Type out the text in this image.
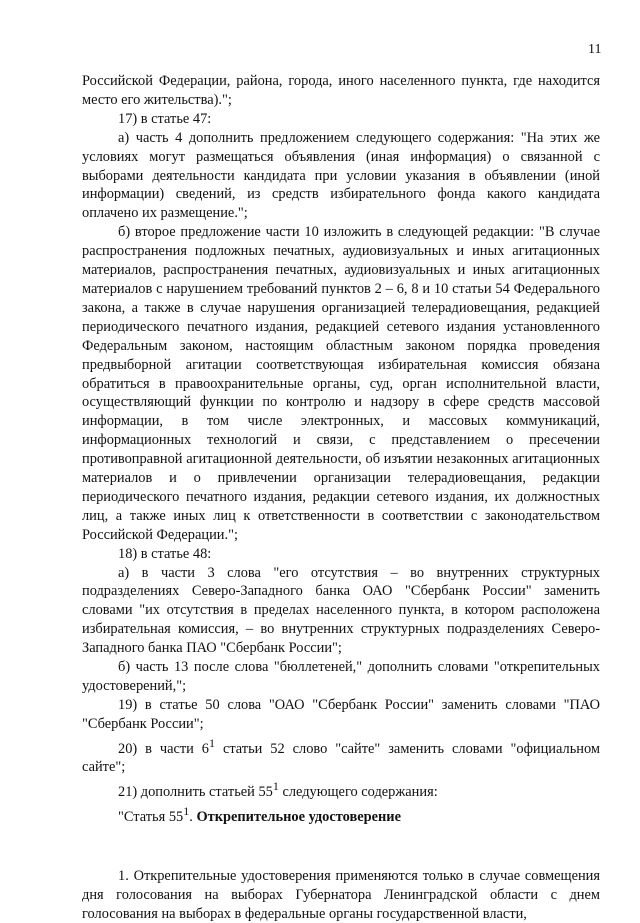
11

Российской Федерации, района, города, иного населенного пункта, где находится место его жительства).";

17) в статье 47:

а) часть 4 дополнить предложением следующего содержания: "На этих же условиях могут размещаться объявления (иная информация) о связанной с выборами деятельности кандидата при условии указания в объявлении (иной информации) сведений, из средств избирательного фонда какого кандидата оплачено их размещение.";

б) второе предложение части 10 изложить в следующей редакции: "В случае распространения подложных печатных, аудиовизуальных и иных агитационных материалов, распространения печатных, аудиовизуальных и иных агитационных материалов с нарушением требований пунктов 2 – 6, 8 и 10 статьи 54 Федерального закона, а также в случае нарушения организацией телерадиовещания, редакцией периодического печатного издания, редакцией сетевого издания установленного Федеральным законом, настоящим областным законом порядка проведения предвыборной агитации соответствующая избирательная комиссия обязана обратиться в правоохранительные органы, суд, орган исполнительной власти, осуществляющий функции по контролю и надзору в сфере средств массовой информации, в том числе электронных, и массовых коммуникаций, информационных технологий и связи, с представлением о пресечении противоправной агитационной деятельности, об изъятии незаконных агитационных материалов и о привлечении организации телерадиовещания, редакции периодического печатного издания, редакции сетевого издания, их должностных лиц, а также иных лиц к ответственности в соответствии с законодательством Российской Федерации.";

18) в статье 48:

а) в части 3 слова "его отсутствия – во внутренних структурных подразделениях Северо-Западного банка ОАО "Сбербанк России" заменить словами "их отсутствия в пределах населенного пункта, в котором расположена избирательная комиссия, – во внутренних структурных подразделениях Северо-Западного банка ПАО "Сбербанк России";

б) часть 13 после слова "бюллетеней," дополнить словами "открепительных удостоверений,";

19) в статье 50 слова "ОАО "Сбербанк России" заменить словами "ПАО "Сбербанк России";

20) в части $6^1$ статьи 52 слово "сайте" заменить словами "официальном сайте";

21) дополнить статьей $55^1$ следующего содержания:

"Статья $55^1$. Открепительное удостоверение

1. Открепительные удостоверения применяются только в случае совмещения дня голосования на выборах Губернатора Ленинградской области с днем голосования на выборах в федеральные органы государственной власти,
